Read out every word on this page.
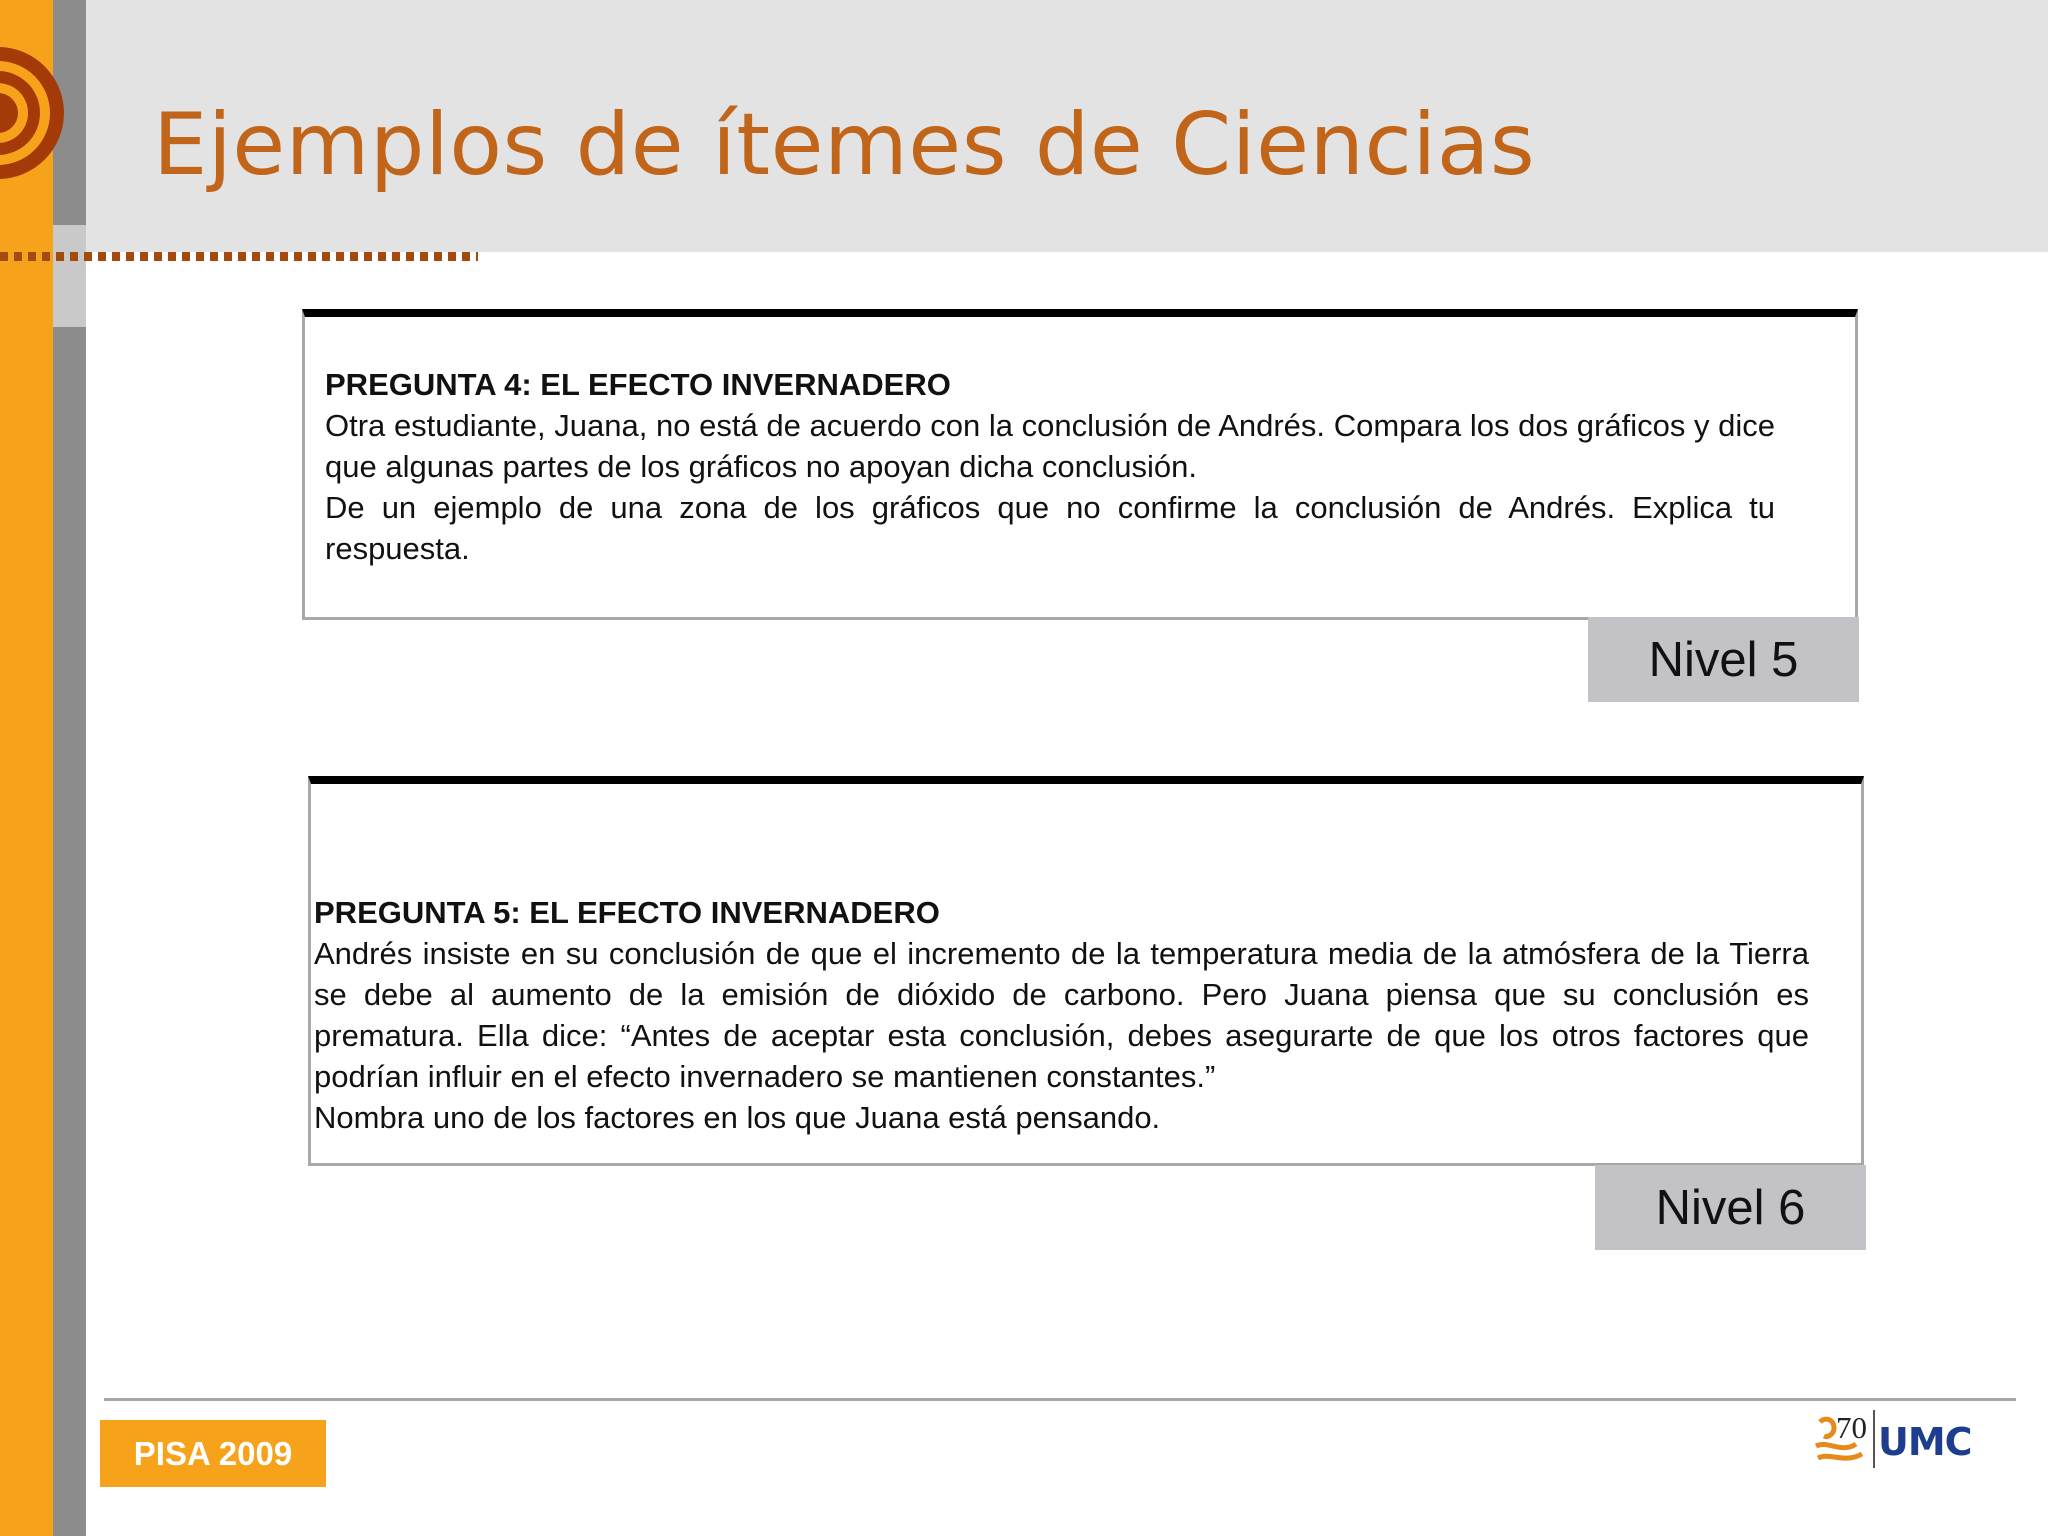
Ejemplos de ítemes de Ciencias
PREGUNTA 4: EL EFECTO INVERNADERO
Otra estudiante, Juana, no está de acuerdo con la conclusión de Andrés. Compara los dos gráficos y dice que algunas partes de los gráficos no apoyan dicha conclusión.
De un ejemplo de una zona de los gráficos que no confirme la conclusión de Andrés. Explica tu respuesta.
Nivel 5
PREGUNTA 5: EL EFECTO INVERNADERO
Andrés insiste en su conclusión de que el incremento de la temperatura media de la atmósfera de la Tierra se debe al aumento de la emisión de dióxido de carbono. Pero Juana piensa que su conclusión es prematura. Ella dice: “Antes de aceptar esta conclusión, debes asegurarte de que los otros factores que podrían influir en el efecto invernadero se mantienen constantes.”
Nombra uno de los factores en los que Juana está pensando.
Nivel 6
PISA 2009	UMC
70
